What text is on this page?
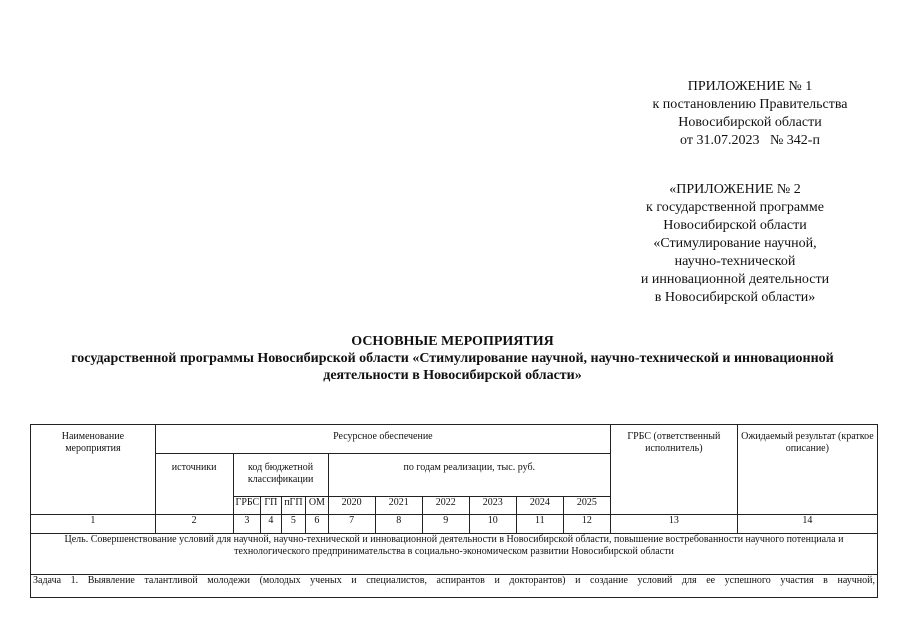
ПРИЛОЖЕНИЕ № 1
к постановлению Правительства
Новосибирской области
от 31.07.2023   № 342-п
«ПРИЛОЖЕНИЕ № 2
к государственной программе
Новосибирской области
«Стимулирование научной,
научно-технической
и инновационной деятельности
в Новосибирской области»
ОСНОВНЫЕ МЕРОПРИЯТИЯ
государственной программы Новосибирской области «Стимулирование научной, научно-технической и инновационной
деятельности в Новосибирской области»
Наименование мероприятия	Ресурсное обеспечение											ГРБС (ответственный исполнитель)	Ожидаемый результат (краткое описание)
	источники	код бюджетной классификации				по годам реализации, тыс. руб.							
		ГРБС	ГП	пГП	ОМ	2020	2021	2022	2023	2024	2025		
1	2	3	4	5	6	7	8	9	10	11	12	13	14
Цель. Совершенствование условий для научной, научно-технической и инновационной деятельности в Новосибирской области, повышение востребованности научного потенциала и технологического предпринимательства в социально-экономическом развитии Новосибирской области													
Задача 1. Выявление талантливой молодежи (молодых ученых и специалистов, аспирантов и докторантов) и создание условий для ее успешного участия в научной,													
